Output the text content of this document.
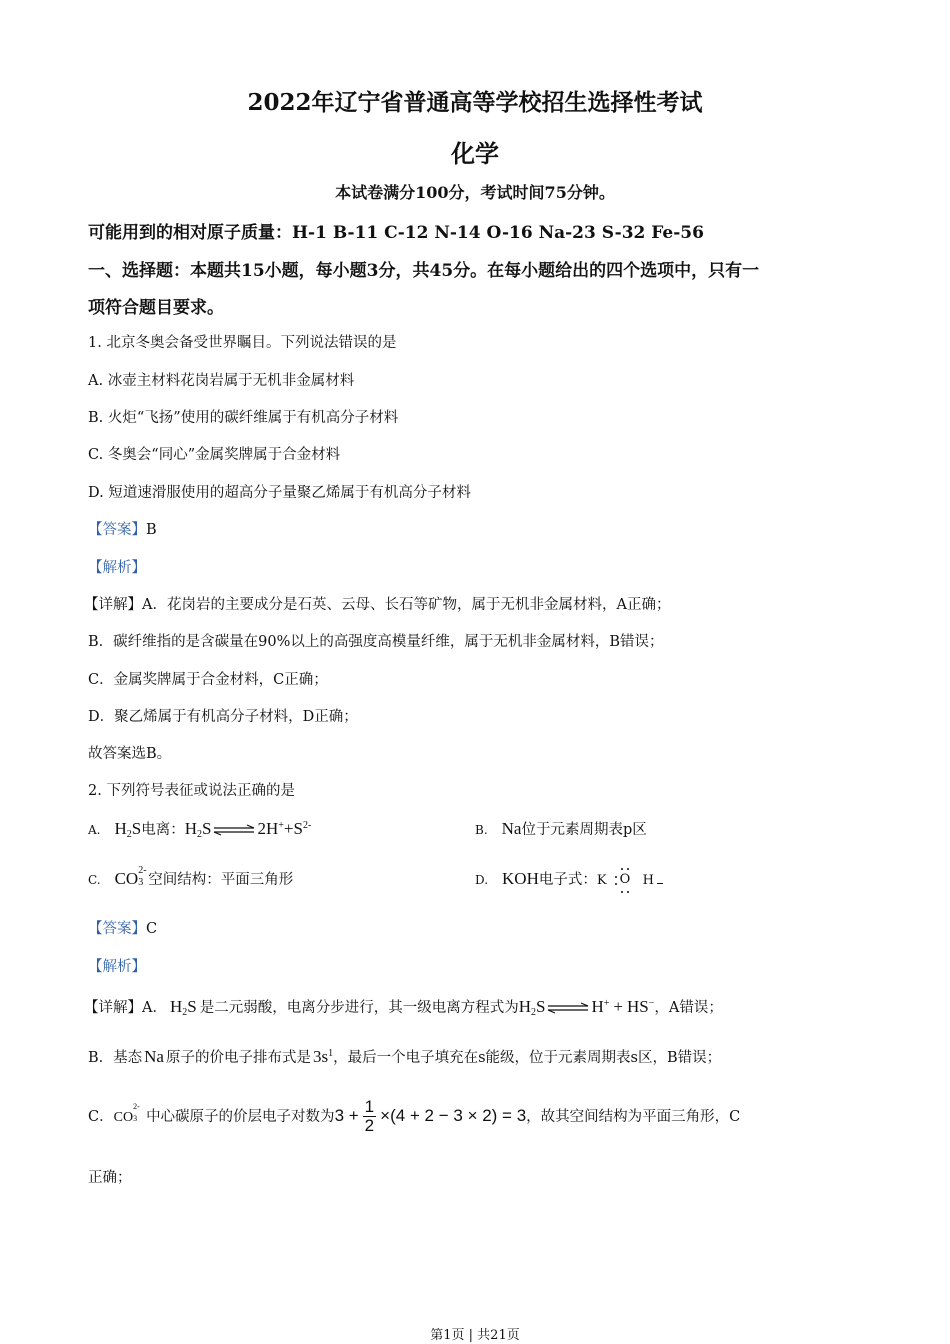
2022年辽宁省普通高等学校招生选择性考试
化学
本试卷满分100分，考试时间75分钟。
可能用到的相对原子质量：H-1 B-11 C-12 N-14 O-16 Na-23 S-32 Fe-56
一、选择题：本题共15小题，每小题3分，共45分。在每小题给出的四个选项中，只有一
项符合题目要求。
1. 北京冬奥会备受世界瞩目。下列说法错误的是
A. 冰壶主材料花岗岩属于无机非金属材料
B. 火炬“飞扬”使用的碳纤维属于有机高分子材料
C. 冬奥会“同心”金属奖牌属于合金材料
D. 短道速滑服使用的超高分子量聚乙烯属于有机高分子材料
【答案】B
【解析】
【详解】A．花岗岩的主要成分是石英、云母、长石等矿物，属于无机非金属材料，A正确；
B．碳纤维指的是含碳量在90%以上的高强度高模量纤维，属于无机非金属材料，B错误；
C．金属奖牌属于合金材料，C正确；
D．聚乙烯属于有机高分子材料，D正确；
故答案选B。
2. 下列符号表征或说法正确的是
A. $H_2S$电离：$H_2S$ ⇌ $2H^++S^{2-}$	B. Na位于元素周期表p区
C. CO 2-
3 空间结构：平面三角形	D. KOH电子式：K O H
【答案】C
【解析】
【详解】A． $H_2S$ 是二元弱酸，电离分步进行，其一级电离方程式为$H_2S$ ⇌ H+ + HS−，A错误；
B．基态 Na 原子的价电子排布式是 $3s^1$，最后一个电子填充在s能级，位于元素周期表s区，B错误；
C．CO
2-
3 中心碳原子的价层电子对数为$3 + \frac{1}{2} \times(4 + 2 - 3 \times 2) = 3$，故其空间结构为平面三角形，C
正确；
第1页 | 共21页
